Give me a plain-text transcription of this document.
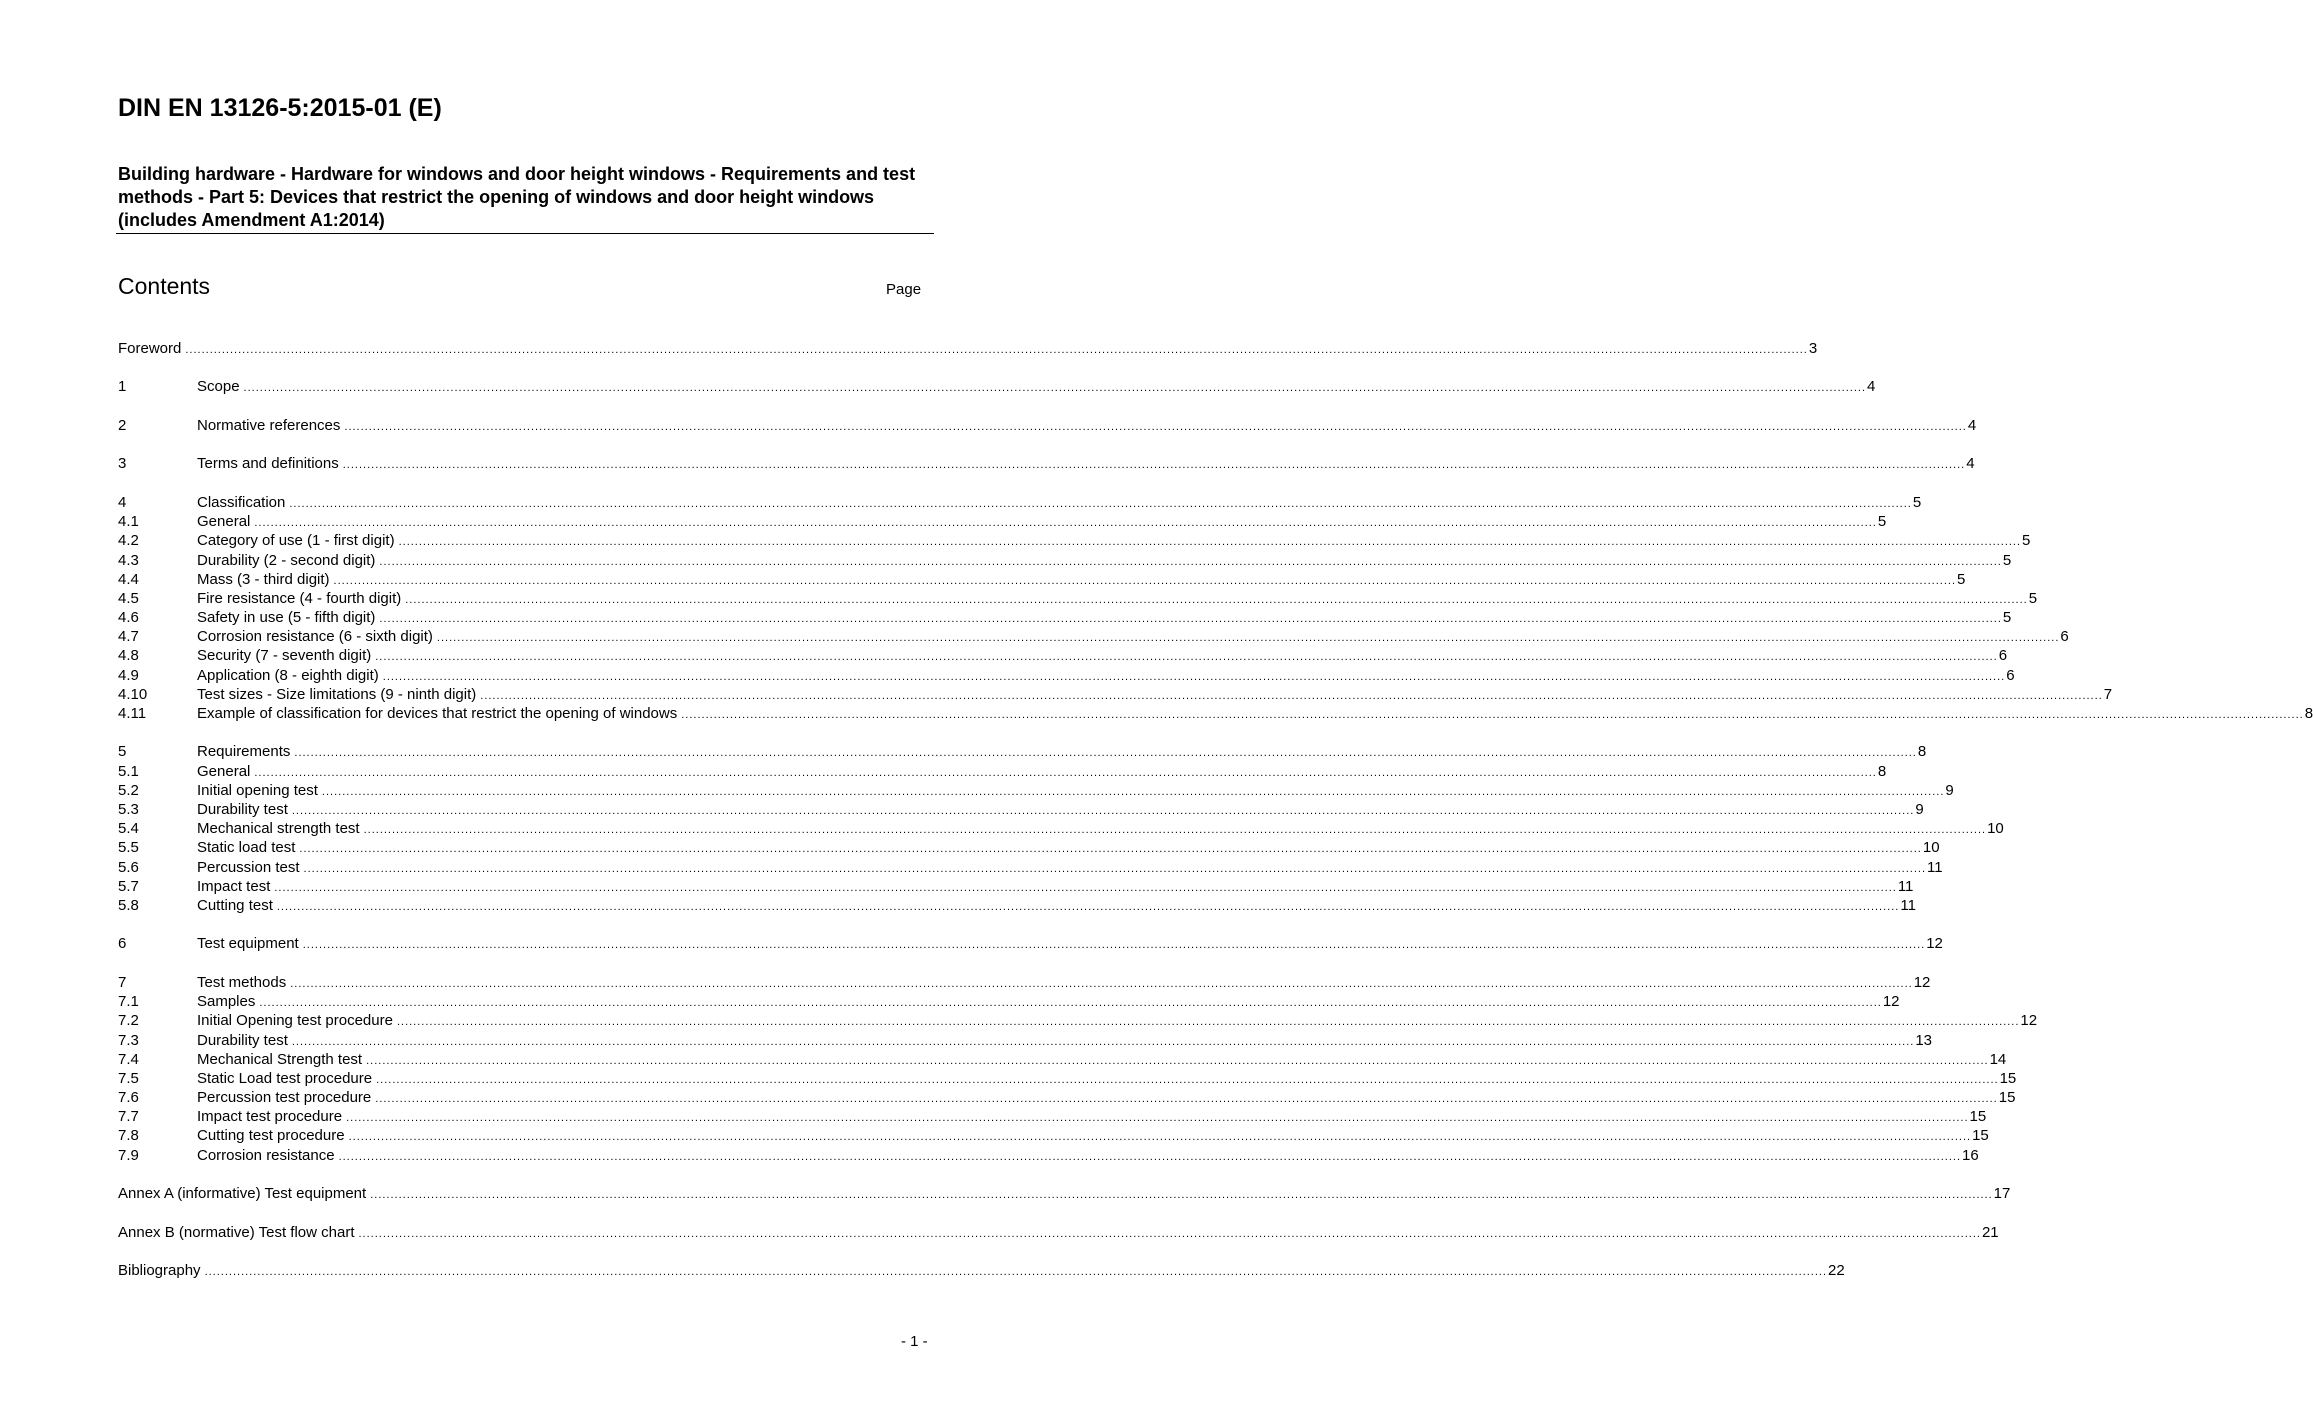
DIN EN 13126-5:2015-01 (E)
Building hardware - Hardware for windows and door height windows - Requirements and test methods - Part 5: Devices that restrict the opening of windows and door height windows (includes Amendment A1:2014)
Contents	Page
Foreword ................................................................................................................................................................................................................................................................................................................................................................................................................ 3
1	Scope ................................................................................................................................................................................................................................................................................................................................................................................................................ 4
2	Normative references ................................................................................................................................................................................................................................................................................................................................................................................................................ 4
3	Terms and definitions ................................................................................................................................................................................................................................................................................................................................................................................................................ 4
4	Classification ................................................................................................................................................................................................................................................................................................................................................................................................................ 5
4.1	General ................................................................................................................................................................................................................................................................................................................................................................................................................ 5
4.2	Category of use (1 - first digit) ................................................................................................................................................................................................................................................................................................................................................................................................................ 5
4.3	Durability (2 - second digit) ................................................................................................................................................................................................................................................................................................................................................................................................................ 5
4.4	Mass (3 - third digit) ................................................................................................................................................................................................................................................................................................................................................................................................................ 5
4.5	Fire resistance (4 - fourth digit) ................................................................................................................................................................................................................................................................................................................................................................................................................ 5
4.6	Safety in use (5 - fifth digit) ................................................................................................................................................................................................................................................................................................................................................................................................................ 5
4.7	Corrosion resistance (6 - sixth digit) ................................................................................................................................................................................................................................................................................................................................................................................................................ 6
4.8	Security (7 - seventh digit) ................................................................................................................................................................................................................................................................................................................................................................................................................ 6
4.9	Application (8 - eighth digit) ................................................................................................................................................................................................................................................................................................................................................................................................................ 6
4.10	Test sizes - Size limitations (9 - ninth digit) ................................................................................................................................................................................................................................................................................................................................................................................................................ 7
4.11	Example of classification for devices that restrict the opening of windows ................................................................................................................................................................................................................................................................................................................................................................................................................ 8
5	Requirements ................................................................................................................................................................................................................................................................................................................................................................................................................ 8
5.1	General ................................................................................................................................................................................................................................................................................................................................................................................................................ 8
5.2	Initial opening test ................................................................................................................................................................................................................................................................................................................................................................................................................ 9
5.3	Durability test ................................................................................................................................................................................................................................................................................................................................................................................................................ 9
5.4	Mechanical strength test ................................................................................................................................................................................................................................................................................................................................................................................................................ 10
5.5	Static load test ................................................................................................................................................................................................................................................................................................................................................................................................................ 10
5.6	Percussion test ................................................................................................................................................................................................................................................................................................................................................................................................................ 11
5.7	Impact test ................................................................................................................................................................................................................................................................................................................................................................................................................ 11
5.8	Cutting test ................................................................................................................................................................................................................................................................................................................................................................................................................ 11
6	Test equipment ................................................................................................................................................................................................................................................................................................................................................................................................................ 12
7	Test methods ................................................................................................................................................................................................................................................................................................................................................................................................................ 12
7.1	Samples ................................................................................................................................................................................................................................................................................................................................................................................................................ 12
7.2	Initial Opening test procedure ................................................................................................................................................................................................................................................................................................................................................................................................................ 12
7.3	Durability test ................................................................................................................................................................................................................................................................................................................................................................................................................ 13
7.4	Mechanical Strength test ................................................................................................................................................................................................................................................................................................................................................................................................................ 14
7.5	Static Load test procedure ................................................................................................................................................................................................................................................................................................................................................................................................................ 15
7.6	Percussion test procedure ................................................................................................................................................................................................................................................................................................................................................................................................................ 15
7.7	Impact test procedure ................................................................................................................................................................................................................................................................................................................................................................................................................ 15
7.8	Cutting test procedure ................................................................................................................................................................................................................................................................................................................................................................................................................ 15
7.9	Corrosion resistance ................................................................................................................................................................................................................................................................................................................................................................................................................ 16
Annex A (informative) Test equipment ................................................................................................................................................................................................................................................................................................................................................................................................................ 17
Annex B (normative) Test flow chart ................................................................................................................................................................................................................................................................................................................................................................................................................ 21
Bibliography ................................................................................................................................................................................................................................................................................................................................................................................................................ 22
- 1 -
